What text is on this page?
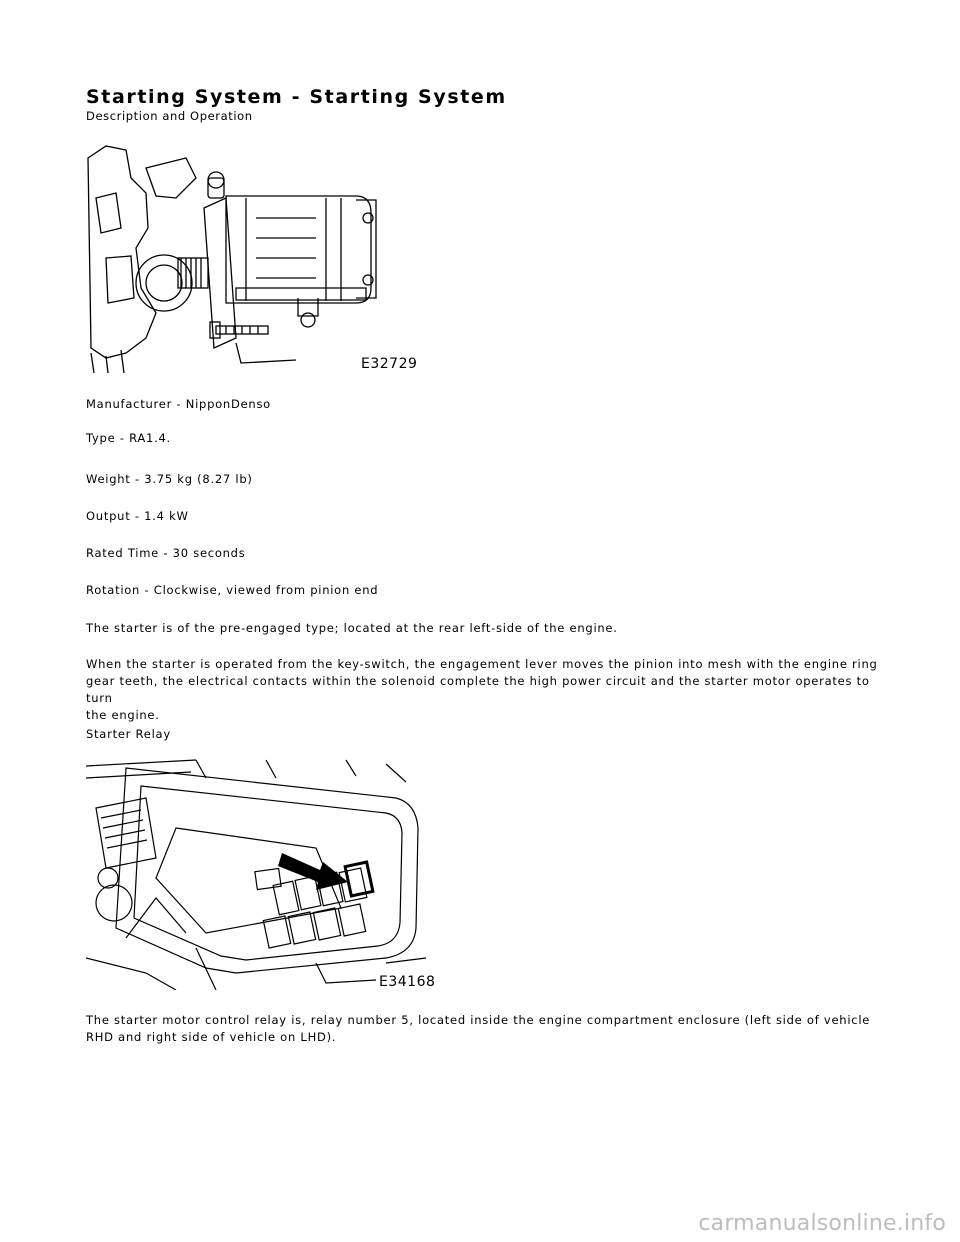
Starting System - Starting System
Description and Operation
E32729
Manufacturer - NipponDenso
Type - RA1.4.
Weight - 3.75 kg (8.27 lb)
Output - 1.4 kW
Rated Time - 30 seconds
Rotation - Clockwise, viewed from pinion end
The starter is of the pre-engaged type; located at the rear left-side of the engine.
When the starter is operated from the key-switch, the engagement lever moves the pinion into mesh with the engine ring
gear teeth, the electrical contacts within the solenoid complete the high power circuit and the starter motor operates to turn
the engine.
Starter Relay
E34168
The starter motor control relay is, relay number 5, located inside the engine compartment enclosure (left side of vehicle
RHD and right side of vehicle on LHD).
carmanualsonline.info
